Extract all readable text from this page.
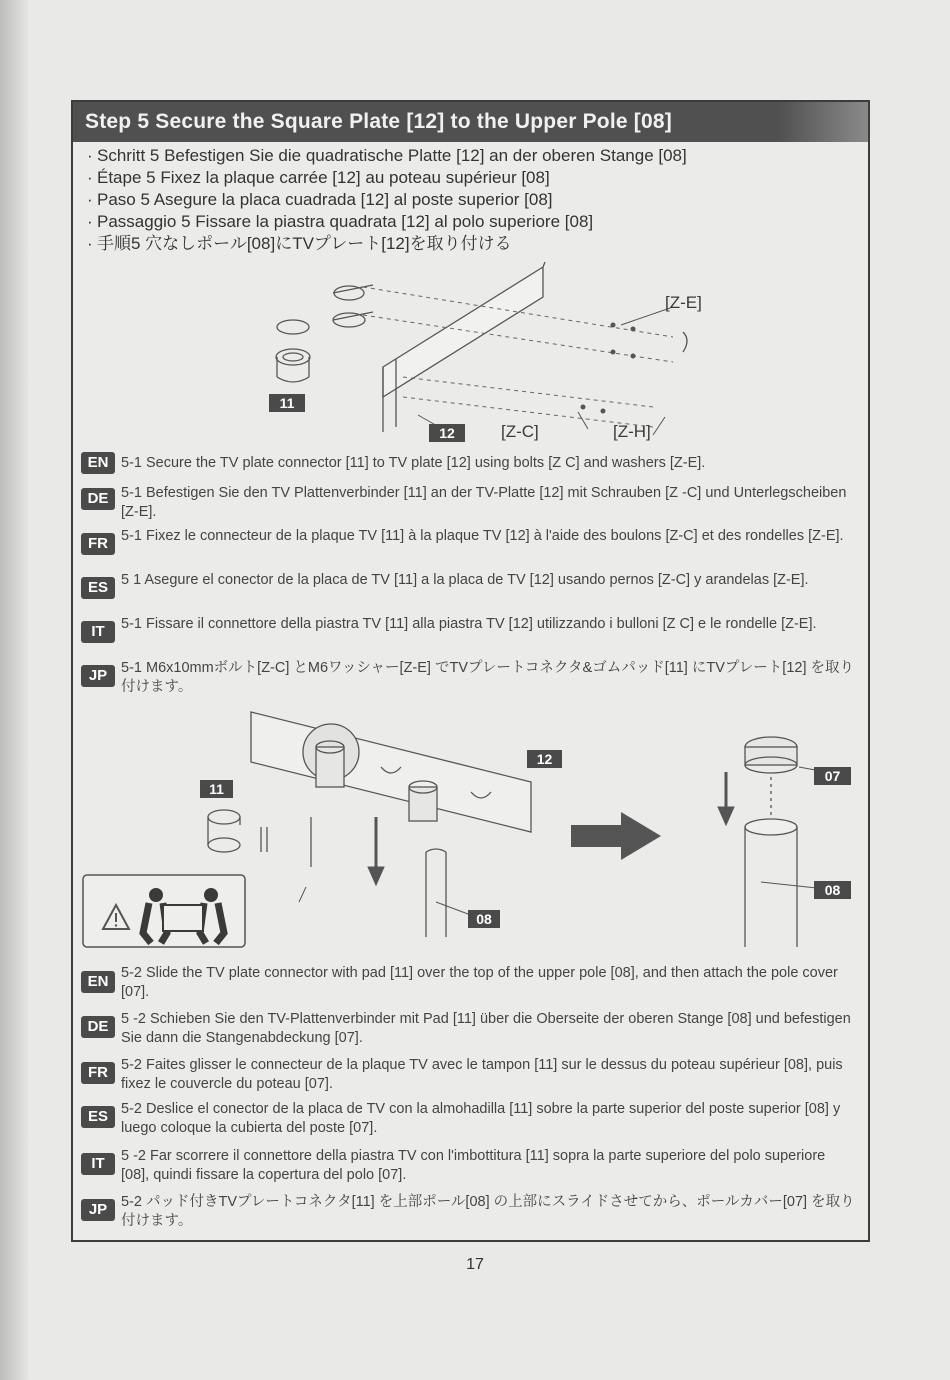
Step 5 Secure the Square Plate [12] to the Upper Pole [08]
· Schritt 5 Befestigen Sie die quadratische Platte [12] an der oberen Stange [08]
· Étape 5 Fixez la plaque carrée [12] au poteau supérieur [08]
· Paso 5 Asegure la placa cuadrada [12] al poste superior [08]
· Passaggio 5 Fissare la piastra quadrata [12] al polo superiore [08]
· 手順5 穴なしポール[08]にTVプレート[12]を取り付ける
11
12
[Z-E]
[Z-C]	[Z-H]
EN 5-1 Secure the TV plate connector [11] to TV plate [12] using bolts [Z C] and washers [Z-E].
DE 5-1 Befestigen Sie den TV Plattenverbinder [11] an der TV-Platte [12] mit Schrauben [Z -C] und Unterlegscheiben [Z-E].
FR 5-1 Fixez le connecteur de la plaque TV [11] à la plaque TV [12] à l'aide des boulons [Z-C] et des rondelles [Z-E].
ES 5 1 Asegure el conector de la placa de TV [11] a la placa de TV [12] usando pernos [Z-C] y arandelas [Z-E].
IT	5-1 Fissare il connettore della piastra TV [11] alla piastra TV [12] utilizzando i bulloni [Z C] e le rondelle [Z-E].
JP 5-1 M6x10mmボルト[Z-C] とM6ワッシャー[Z-E] でTVプレートコネクタ&ゴムパッド[11] にTVプレート[12] を取り付けます。
11
12
08
07
08
EN 5-2 Slide the TV plate connector with pad [11] over the top of the upper pole [08], and then attach the pole cover [07].
DE 5 -2 Schieben Sie den TV-Plattenverbinder mit Pad [11] über die Oberseite der oberen Stange [08] und befestigen Sie dann die Stangenabdeckung [07].
FR 5-2 Faites glisser le connecteur de la plaque TV avec le tampon [11] sur le dessus du poteau supérieur [08], puis fixez le couvercle du poteau [07].
ES 5-2 Deslice el conector de la placa de TV con la almohadilla [11] sobre la parte superior del poste superior [08] y luego coloque la cubierta del poste [07].
IT	5 -2 Far scorrere il connettore della piastra TV con l'imbottitura [11] sopra la parte superiore del polo superiore [08], quindi fissare la copertura del polo [07].
JP 5-2 パッド付きTVプレートコネクタ[11] を上部ポール[08] の上部にスライドさせてから、ポールカバー[07] を取り付けます。
17
